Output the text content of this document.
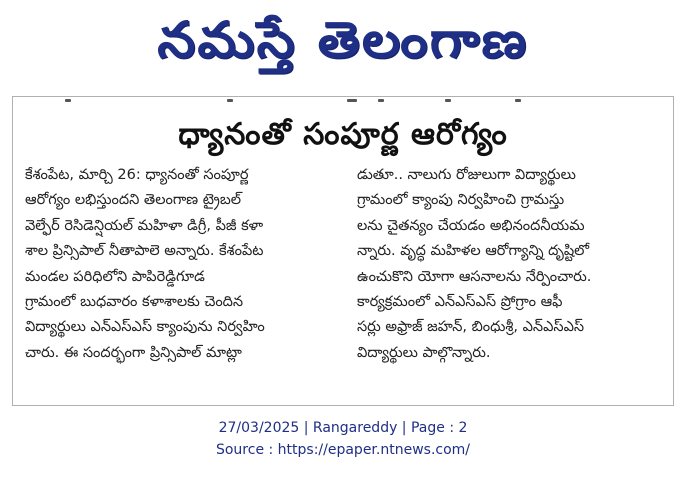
నమస్తే తెలంగాణ
ధ్యానంతో సంపూర్ణ ఆరోగ్యం
కేశంపేట, మార్చి 26: ధ్యానంతో సంపూర్ణ
ఆరోగ్యం లభిస్తుందని తెలంగాణ ట్రైబల్
వెల్ఫేర్ రెసిడెన్షియల్ మహిళా డిగ్రీ, పీజీ కళా
శాల ప్రిన్సిపాల్ నీతాపాలె అన్నారు. కేశంపేట
మండల పరిధిలోని పాపిరెడ్డిగూడ
గ్రామంలో బుధవారం కళాశాలకు చెందిన
విద్యార్థులు ఎన్ఎస్ఎస్ క్యాంపును నిర్వహిం
చారు. ఈ సందర్భంగా ప్రిన్సిపాల్ మాట్లా
డుతూ.. నాలుగు రోజులుగా విద్యార్థులు
గ్రామంలో క్యాంపు నిర్వహించి గ్రామస్తు
లను చైతన్యం చేయడం అభినందనీయమ
న్నారు. వృద్ధ మహిళల ఆరోగ్యాన్ని దృష్టిలో
ఉంచుకొని యోగా ఆసనాలను నేర్పించారు.
కార్యక్రమంలో ఎన్ఎస్ఎస్ ప్రోగ్రాం ఆఫీ
సర్లు అఫ్రాజ్ జహన్, బింధుశ్రీ, ఎన్ఎస్ఎస్
విద్యార్థులు పాల్గొన్నారు.
27/03/2025 | Rangareddy | Page : 2
Source : https://epaper.ntnews.com/
